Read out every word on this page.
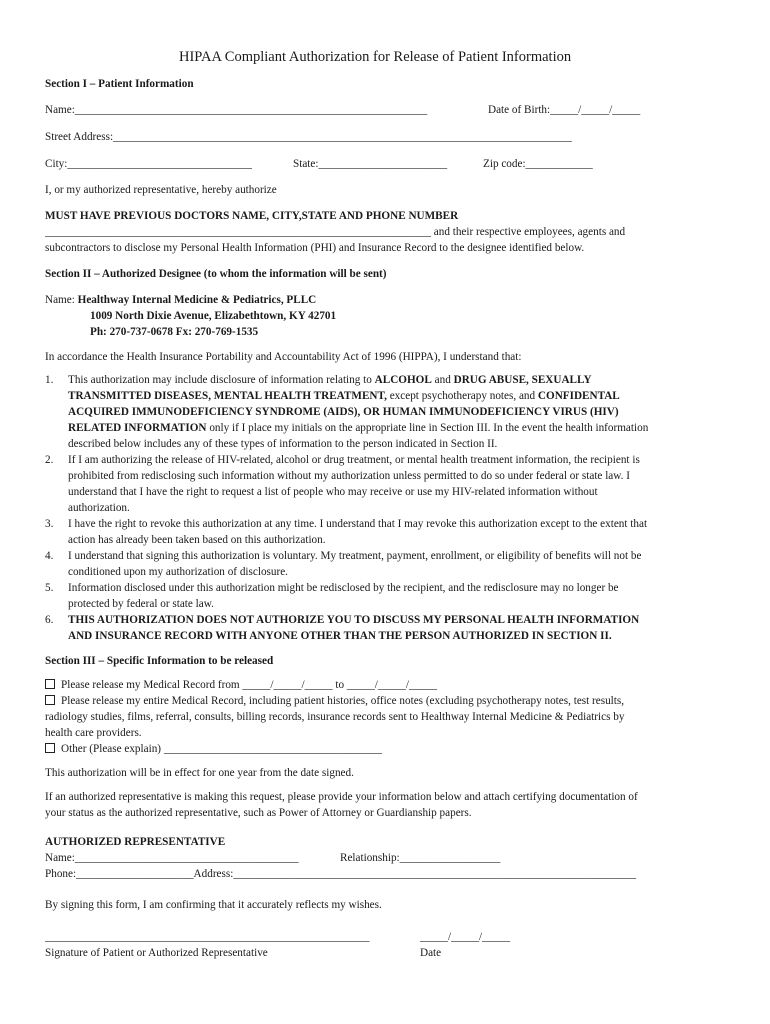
HIPAA Compliant Authorization for Release of Patient Information
Section I – Patient Information
Name:_______________________________________________________________	Date of Birth:_____/_____/_____
Street Address:__________________________________________________________________________________
City:_________________________________	State:_______________________	Zip code:____________
I, or my authorized representative, hereby authorize
MUST HAVE PREVIOUS DOCTORS NAME, CITY,STATE AND PHONE NUMBER
_____________________________________________________________________ and their respective employees, agents and
subcontractors to disclose my Personal Health Information (PHI) and Insurance Record to the designee identified below.
Section II – Authorized Designee (to whom the information will be sent)
Name: Healthway Internal Medicine & Pediatrics, PLLC
1009 North Dixie Avenue, Elizabethtown, KY 42701
Ph: 270-737-0678 Fx: 270-769-1535
In accordance the Health Insurance Portability and Accountability Act of 1996 (HIPPA), I understand that:
1. This authorization may include disclosure of information relating to ALCOHOL and DRUG ABUSE, SEXUALLY
TRANSMITTED DISEASES, MENTAL HEALTH TREATMENT, except psychotherapy notes, and CONFIDENTAL
ACQUIRED IMMUNODEFICIENCY SYNDROME (AIDS), OR HUMAN IMMUNODEFICIENCY VIRUS (HIV)
RELATED INFORMATION only if I place my initials on the appropriate line in Section III. In the event the health information
described below includes any of these types of information to the person indicated in Section II.
2. If I am authorizing the release of HIV-related, alcohol or drug treatment, or mental health treatment information, the recipient is
prohibited from redisclosing such information without my authorization unless permitted to do so under federal or state law. I
understand that I have the right to request a list of people who may receive or use my HIV-related information without
authorization.
3. I have the right to revoke this authorization at any time. I understand that I may revoke this authorization except to the extent that
action has already been taken based on this authorization.
4. I understand that signing this authorization is voluntary. My treatment, payment, enrollment, or eligibility of benefits will not be
conditioned upon my authorization of disclosure.
5. Information disclosed under this authorization might be redisclosed by the recipient, and the redisclosure may no longer be
protected by federal or state law.
6. THIS AUTHORIZATION DOES NOT AUTHORIZE YOU TO DISCUSS MY PERSONAL HEALTH INFORMATION
AND INSURANCE RECORD WITH ANYONE OTHER THAN THE PERSON AUTHORIZED IN SECTION II.
Section III – Specific Information to be released
Please release my Medical Record from _____/_____/_____ to _____/_____/_____
Please release my entire Medical Record, including patient histories, office notes (excluding psychotherapy notes, test results,
radiology studies, films, referral, consults, billing records, insurance records sent to Healthway Internal Medicine & Pediatrics by
health care providers.
Other (Please explain) _______________________________________
This authorization will be in effect for one year from the date signed.
If an authorized representative is making this request, please provide your information below and attach certifying documentation of
your status as the authorized representative, such as Power of Attorney or Guardianship papers.
AUTHORIZED REPRESENTATIVE
Name:________________________________________	Relationship:__________________
Phone:_____________________Address:________________________________________________________________________
By signing this form, I am confirming that it accurately reflects my wishes.
__________________________________________________________	_____/_____/_____
Signature of Patient or Authorized Representative	Date
